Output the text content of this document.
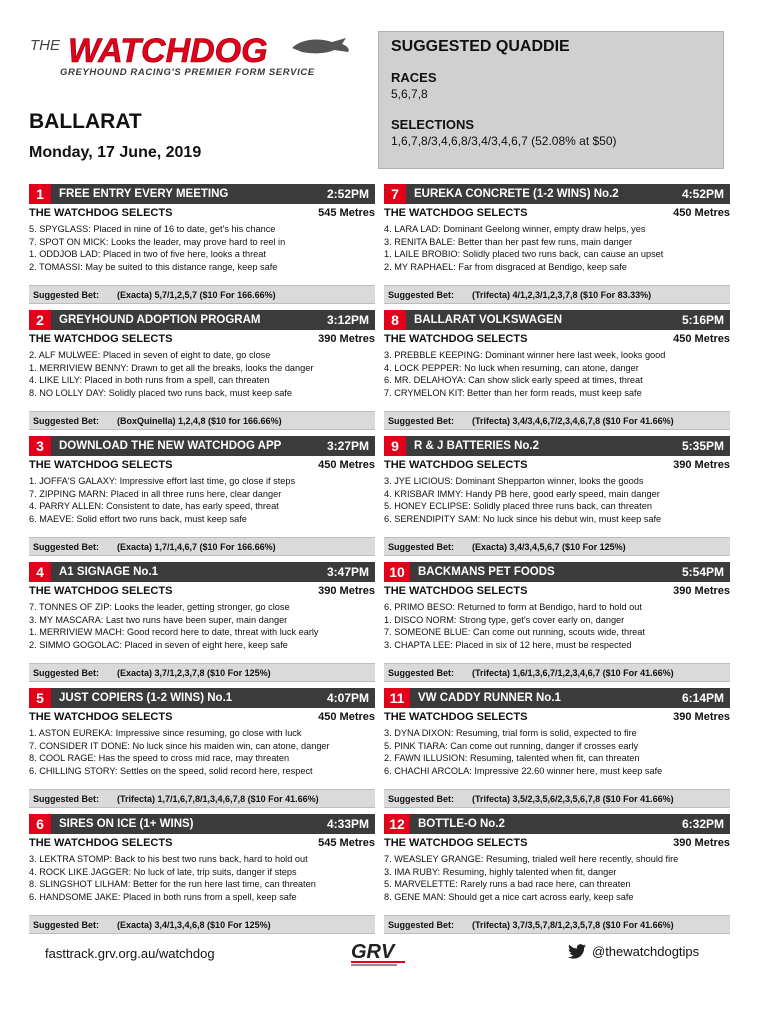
THE WATCHDOG
GREYHOUND RACING'S PREMIER FORM SERVICE
BALLARAT
Monday, 17 June, 2019
SUGGESTED QUADDIE
RACES
5,6,7,8
SELECTIONS
1,6,7,8/3,4,6,8/3,4/3,4,6,7 (52.08% at $50)
1	FREE ENTRY EVERY MEETING	2:52PM
THE WATCHDOG SELECTS	545 Metres
5. SPYGLASS: Placed in nine of 16 to date, get's his chance
7. SPOT ON MICK: Looks the leader, may prove hard to reel in
1. ODDJOB LAD: Placed in two of five here, looks a threat
2. TOMASSI: May be suited to this distance range, keep safe
Suggested Bet:	(Exacta) 5,7/1,2,5,7 ($10 For 166.66%)
2	GREYHOUND ADOPTION PROGRAM	3:12PM
THE WATCHDOG SELECTS	390 Metres
2. ALF MULWEE: Placed in seven of eight to date, go close
1. MERRIVIEW BENNY: Drawn to get all the breaks, looks the danger
4. LIKE LILY: Placed in both runs from a spell, can threaten
8. NO LOLLY DAY: Solidly placed two runs back, must keep safe
Suggested Bet:	(BoxQuinella) 1,2,4,8 ($10 for 166.66%)
3	DOWNLOAD THE NEW WATCHDOG APP	3:27PM
THE WATCHDOG SELECTS	450 Metres
1. JOFFA'S GALAXY: Impressive effort last time, go close if steps
7. ZIPPING MARN: Placed in all three runs here, clear danger
4. PARRY ALLEN: Consistent to date, has early speed, threat
6. MAEVE: Solid effort two runs back, must keep safe
Suggested Bet:	(Exacta) 1,7/1,4,6,7 ($10 For 166.66%)
4	A1 SIGNAGE No.1	3:47PM
THE WATCHDOG SELECTS	390 Metres
7. TONNES OF ZIP: Looks the leader, getting stronger, go close
3. MY MASCARA: Last two runs have been super, main danger
1. MERRIVIEW MACH: Good record here to date, threat with luck early
2. SIMMO GOGOLAC: Placed in seven of eight here, keep safe
Suggested Bet:	(Exacta) 3,7/1,2,3,7,8 ($10 For 125%)
5	JUST COPIERS (1-2 WINS) No.1	4:07PM
THE WATCHDOG SELECTS	450 Metres
1. ASTON EUREKA: Impressive since resuming, go close with luck
7. CONSIDER IT DONE: No luck since his maiden win, can atone, danger
8. COOL RAGE: Has the speed to cross mid race, may threaten
6. CHILLING STORY: Settles on the speed, solid record here, respect
Suggested Bet:	(Trifecta) 1,7/1,6,7,8/1,3,4,6,7,8 ($10 For 41.66%)
6	SIRES ON ICE (1+ WINS)	4:33PM
THE WATCHDOG SELECTS	545 Metres
3. LEKTRA STOMP: Back to his best two runs back, hard to hold out
4. ROCK LIKE JAGGER: No luck of late, trip suits, danger if steps
8. SLINGSHOT LILHAM: Better for the run here last time, can threaten
6. HANDSOME JAKE: Placed in both runs from a spell, keep safe
Suggested Bet:	(Exacta) 3,4/1,3,4,6,8 ($10 For 125%)
7	EUREKA CONCRETE (1-2 WINS) No.2	4:52PM
THE WATCHDOG SELECTS	450 Metres
4. LARA LAD: Dominant Geelong winner, empty draw helps, yes
3. RENITA BALE: Better than her past few runs, main danger
1. LAILE BROBIO: Solidly placed two runs back, can cause an upset
2. MY RAPHAEL: Far from disgraced at Bendigo, keep safe
Suggested Bet:	(Trifecta) 4/1,2,3/1,2,3,7,8 ($10 For 83.33%)
8	BALLARAT VOLKSWAGEN	5:16PM
THE WATCHDOG SELECTS	450 Metres
3. PREBBLE KEEPING: Dominant winner here last week, looks good
4. LOCK PEPPER: No luck when resuming, can atone, danger
6. MR. DELAHOYA: Can show slick early speed at times, threat
7. CRYMELON KIT: Better than her form reads, must keep safe
Suggested Bet:	(Trifecta) 3,4/3,4,6,7/2,3,4,6,7,8 ($10 For 41.66%)
9	R & J BATTERIES No.2	5:35PM
THE WATCHDOG SELECTS	390 Metres
3. JYE LICIOUS: Dominant Shepparton winner, looks the goods
4. KRISBAR IMMY: Handy PB here, good early speed, main danger
5. HONEY ECLIPSE: Solidly placed three runs back, can threaten
6. SERENDIPITY SAM: No luck since his debut win, must keep safe
Suggested Bet:	(Exacta) 3,4/3,4,5,6,7 ($10 For 125%)
10	BACKMANS PET FOODS	5:54PM
THE WATCHDOG SELECTS	390 Metres
6. PRIMO BESO: Returned to form at Bendigo, hard to hold out
1. DISCO NORM: Strong type, get's cover early on, danger
7. SOMEONE BLUE: Can come out running, scouts wide, threat
3. CHAPTA LEE: Placed in six of 12 here, must be respected
Suggested Bet:	(Trifecta) 1,6/1,3,6,7/1,2,3,4,6,7 ($10 For 41.66%)
11	VW CADDY RUNNER No.1	6:14PM
THE WATCHDOG SELECTS	390 Metres
3. DYNA DIXON: Resuming, trial form is solid, expected to fire
5. PINK TIARA: Can come out running, danger if crosses early
2. FAWN ILLUSION: Resuming, talented when fit, can threaten
6. CHACHI ARCOLA: Impressive 22.60 winner here, must keep safe
Suggested Bet:	(Trifecta) 3,5/2,3,5,6/2,3,5,6,7,8 ($10 For 41.66%)
12	BOTTLE-O No.2	6:32PM
THE WATCHDOG SELECTS	390 Metres
7. WEASLEY GRANGE: Resuming, trialed well here recently, should fire
3. IMA RUBY: Resuming, highly talented when fit, danger
5. MARVELETTE: Rarely runs a bad race here, can threaten
8. GENE MAN: Should get a nice cart across early, keep safe
Suggested Bet:	(Trifecta) 3,7/3,5,7,8/1,2,3,5,7,8 ($10 For 41.66%)
fasttrack.grv.org.au/watchdog	GRV	@thewatchdogtips
